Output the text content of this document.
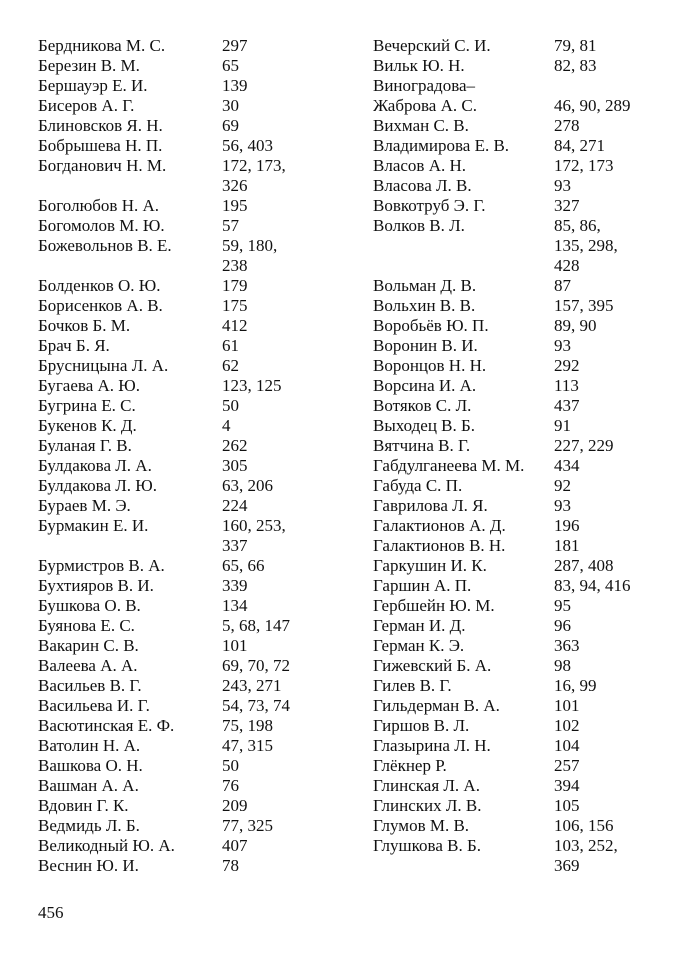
Бердникова М. С.	297
Березин В. М.	65
Бершауэр Е. И.	139
Бисеров А. Г.	30
Блиновсков Я. Н.	69
Бобрышева Н. П.	56, 403
Богданович Н. М.	172, 173,
326
Боголюбов Н. А.	195
Богомолов М. Ю.	57
Божевольнов В. Е.	59, 180,
238
Болденков О. Ю.	179
Борисенков А. В.	175
Бочков Б. М.	412
Брач Б. Я.	61
Брусницына Л. А.	62
Бугаева А. Ю.	123, 125
Бугрина Е. С.	50
Букенов К. Д.	4
Буланая Г. В.	262
Булдакова Л. А.	305
Булдакова Л. Ю.	63, 206
Бураев М. Э.	224
Бурмакин Е. И.	160, 253,
337
Бурмистров В. А.	65, 66
Бухтияров В. И.	339
Бушкова О. В.	134
Буянова Е. С.	5, 68, 147
Вакарин С. В.	101
Валеева А. А.	69, 70, 72
Васильев В. Г.	243, 271
Васильева И. Г.	54, 73, 74
Васютинская Е. Ф.	75, 198
Ватолин Н. А.	47, 315
Вашкова О. Н.	50
Вашман А. А.	76
Вдовин Г. К.	209
Ведмидь Л. Б.	77, 325
Великодный Ю. А.	407
Веснин Ю. И.	78
Вечерский С. И.	79, 81
Вильк Ю. Н.	82, 83
Виноградова–
Жаброва А. С.	46, 90, 289
Вихман С. В.	278
Владимирова Е. В.	84, 271
Власов А. Н.	172, 173
Власова Л. В.	93
Вовкотруб Э. Г.	327
Волков В. Л.	85, 86,
135, 298,
428
Вольман Д. В.	87
Вольхин В. В.	157, 395
Воробьёв Ю. П.	89, 90
Воронин В. И.	93
Воронцов Н. Н.	292
Ворсина И. А.	113
Вотяков С. Л.	437
Выходец В. Б.	91
Вятчина В. Г.	227, 229
Габдулганеева М. М.	434
Габуда С. П.	92
Гаврилова Л. Я.	93
Галактионов А. Д.	196
Галактионов В. Н.	181
Гаркушин И. К.	287, 408
Гаршин А. П.	83, 94, 416
Гербшейн Ю. М.	95
Герман И. Д.	96
Герман К. Э.	363
Гижевский Б. А.	98
Гилев В. Г.	16, 99
Гильдерман В. А.	101
Гиршов В. Л.	102
Глазырина Л. Н.	104
Глёкнер Р.	257
Глинская Л. А.	394
Глинских Л. В.	105
Глумов М. В.	106, 156
Глушкова В. Б.	103, 252,
369
456
